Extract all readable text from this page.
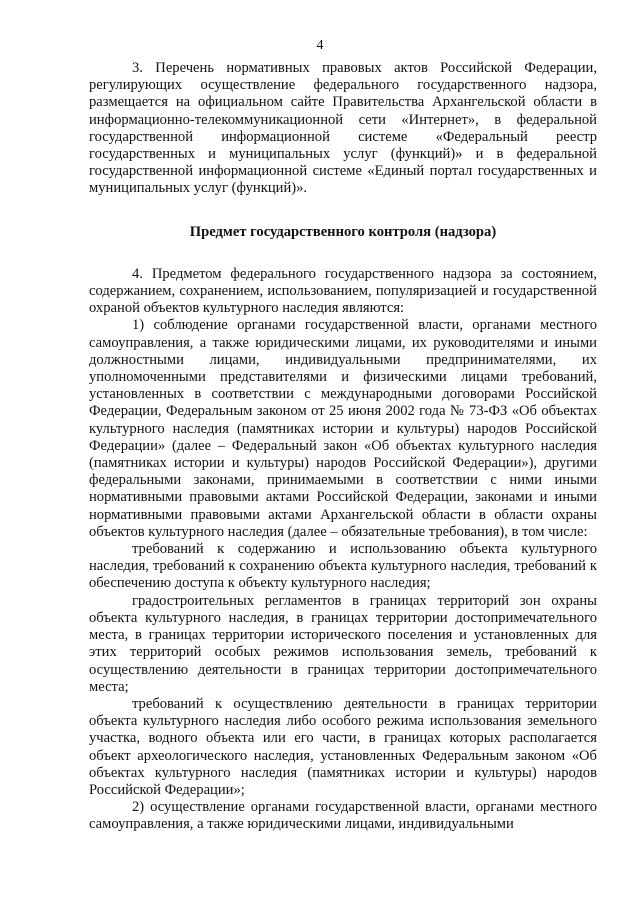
4

3. Перечень нормативных правовых актов Российской Федерации, регулирующих осуществление федерального государственного надзора, размещается на официальном сайте Правительства Архангельской области в информационно-телекоммуникационной сети «Интернет», в федеральной государственной информационной системе «Федеральный реестр государственных и муниципальных услуг (функций)» и в федеральной государственной информационной системе «Единый портал государственных и муниципальных услуг (функций)».

Предмет государственного контроля (надзора)

4. Предметом федерального государственного надзора за состоянием, содержанием, сохранением, использованием, популяризацией и государственной охраной объектов культурного наследия являются:

1) соблюдение органами государственной власти, органами местного самоуправления, а также юридическими лицами, их руководителями и иными должностными лицами, индивидуальными предпринимателями, их уполномоченными представителями и физическими лицами требований, установленных в соответствии с международными договорами Российской Федерации, Федеральным законом от 25 июня 2002 года № 73-ФЗ «Об объектах культурного наследия (памятниках истории и культуры) народов Российской Федерации» (далее – Федеральный закон «Об объектах культурного наследия (памятниках истории и культуры) народов Российской Федерации»), другими федеральными законами, принимаемыми в соответствии с ними иными нормативными правовыми актами Российской Федерации, законами и иными нормативными правовыми актами Архангельской области в области охраны объектов культурного наследия (далее – обязательные требования), в том числе:

требований к содержанию и использованию объекта культурного наследия, требований к сохранению объекта культурного наследия, требований к обеспечению доступа к объекту культурного наследия;

градостроительных регламентов в границах территорий зон охраны объекта культурного наследия, в границах территории достопримечательного места, в границах территории исторического поселения и установленных для этих территорий особых режимов использования земель, требований к осуществлению деятельности в границах территории достопримечательного места;

требований к осуществлению деятельности в границах территории объекта культурного наследия либо особого режима использования земельного участка, водного объекта или его части, в границах которых располагается объект археологического наследия, установленных Федеральным законом «Об объектах культурного наследия (памятниках истории и культуры) народов Российской Федерации»;

2) осуществление органами государственной власти, органами местного самоуправления, а также юридическими лицами, индивидуальными
